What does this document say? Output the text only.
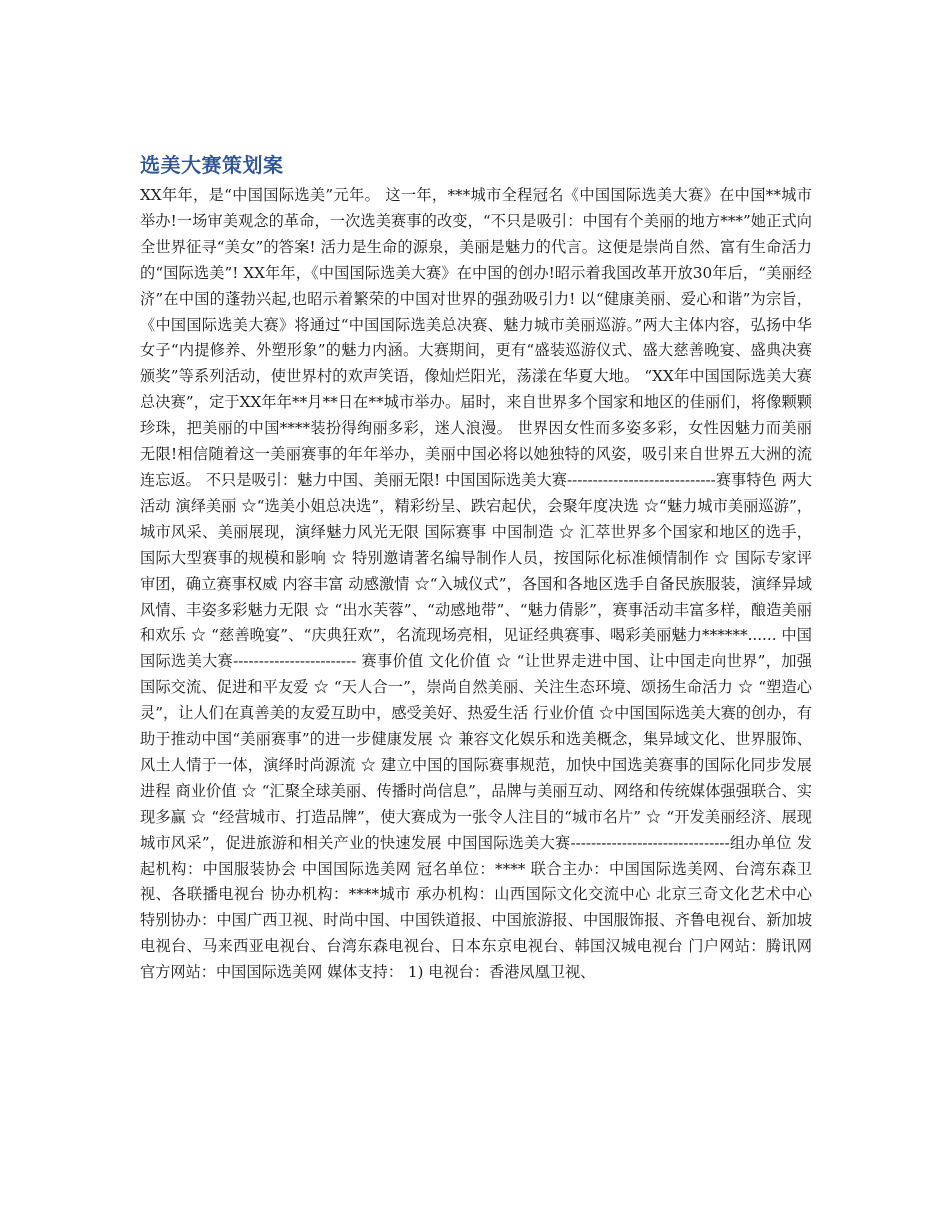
选美大赛策划案

XX年年，是“中国国际选美”元年。 这一年，***城市全程冠名《中国国际选美大赛》在中国**城市举办!一场审美观念的革命，一次选美赛事的改变，“不只是吸引：中国有个美丽的地方***”她正式向全世界征寻“美女”的答案! 活力是生命的源泉，美丽是魅力的代言。这便是崇尚自然、富有生命活力的“国际选美”! XX年年，《中国国际选美大赛》在中国的创办!昭示着我国改革开放30年后，“美丽经济”在中国的蓬勃兴起,也昭示着繁荣的中国对世界的强劲吸引力! 以“健康美丽、爱心和谐”为宗旨，《中国国际选美大赛》将通过“中国国际选美总决赛、魅力城市美丽巡游。”两大主体内容，弘扬中华女子“内提修养、外塑形象”的魅力内涵。大赛期间，更有“盛装巡游仪式、盛大慈善晚宴、盛典决赛颁奖”等系列活动，使世界村的欢声笑语，像灿烂阳光，荡漾在华夏大地。 “XX年中国国际选美大赛总决赛”，定于XX年年**月**日在**城市举办。届时，来自世界多个国家和地区的佳丽们，将像颗颗珍珠，把美丽的中国****装扮得绚丽多彩，迷人浪漫。 世界因女性而多姿多彩，女性因魅力而美丽无限!相信随着这一美丽赛事的年年举办，美丽中国必将以她独特的风姿，吸引来自世界五大洲的流连忘返。 不只是吸引：魅力中国、美丽无限! 中国国际选美大赛-----------------------------赛事特色 两大活动 演绎美丽 ☆“选美小姐总决选”，精彩纷呈、跌宕起伏，会聚年度决选 ☆“魅力城市美丽巡游”，城市风采、美丽展现，演绎魅力风光无限 国际赛事 中国制造 ☆ 汇萃世界多个国家和地区的选手，国际大型赛事的规模和影响 ☆ 特别邀请著名编导制作人员，按国际化标准倾情制作 ☆ 国际专家评审团，确立赛事权威 内容丰富 动感激情 ☆“入城仪式”，各国和各地区选手自备民族服装，演绎异域风情、丰姿多彩魅力无限 ☆ “出水芙蓉”、“动感地带”、“魅力倩影”，赛事活动丰富多样，酿造美丽和欢乐 ☆ “慈善晚宴”、“庆典狂欢”，名流现场亮相，见证经典赛事、喝彩美丽魅力******...... 中国国际选美大赛------------------------ 赛事价值 文化价值 ☆ “让世界走进中国、让中国走向世界”，加强国际交流、促进和平友爱 ☆ “天人合一”，崇尚自然美丽、关注生态环境、颂扬生命活力 ☆ “塑造心灵”，让人们在真善美的友爱互助中，感受美好、热爱生活 行业价值 ☆中国国际选美大赛的创办，有助于推动中国“美丽赛事”的进一步健康发展 ☆ 兼容文化娱乐和选美概念，集异域文化、世界服饰、风土人情于一体，演绎时尚源流 ☆ 建立中国的国际赛事规范，加快中国选美赛事的国际化同步发展进程 商业价值 ☆ “汇聚全球美丽、传播时尚信息”，品牌与美丽互动、网络和传统媒体强强联合、实现多赢 ☆ “经营城市、打造品牌”，使大赛成为一张令人注目的“城市名片” ☆ “开发美丽经济、展现城市风采”，促进旅游和相关产业的快速发展 中国国际选美大赛-------------------------------组办单位 发起机构：中国服装协会 中国国际选美网 冠名单位：**** 联合主办：中国国际选美网、台湾东森卫视、各联播电视台 协办机构：****城市 承办机构：山西国际文化交流中心 北京三奇文化艺术中心 特别协办：中国广西卫视、时尚中国、中国铁道报、中国旅游报、中国服饰报、齐鲁电视台、新加坡电视台、马来西亚电视台、台湾东森电视台、日本东京电视台、韩国汉城电视台 门户网站：腾讯网 官方网站：中国国际选美网 媒体支持： 1) 电视台：香港凤凰卫视、
